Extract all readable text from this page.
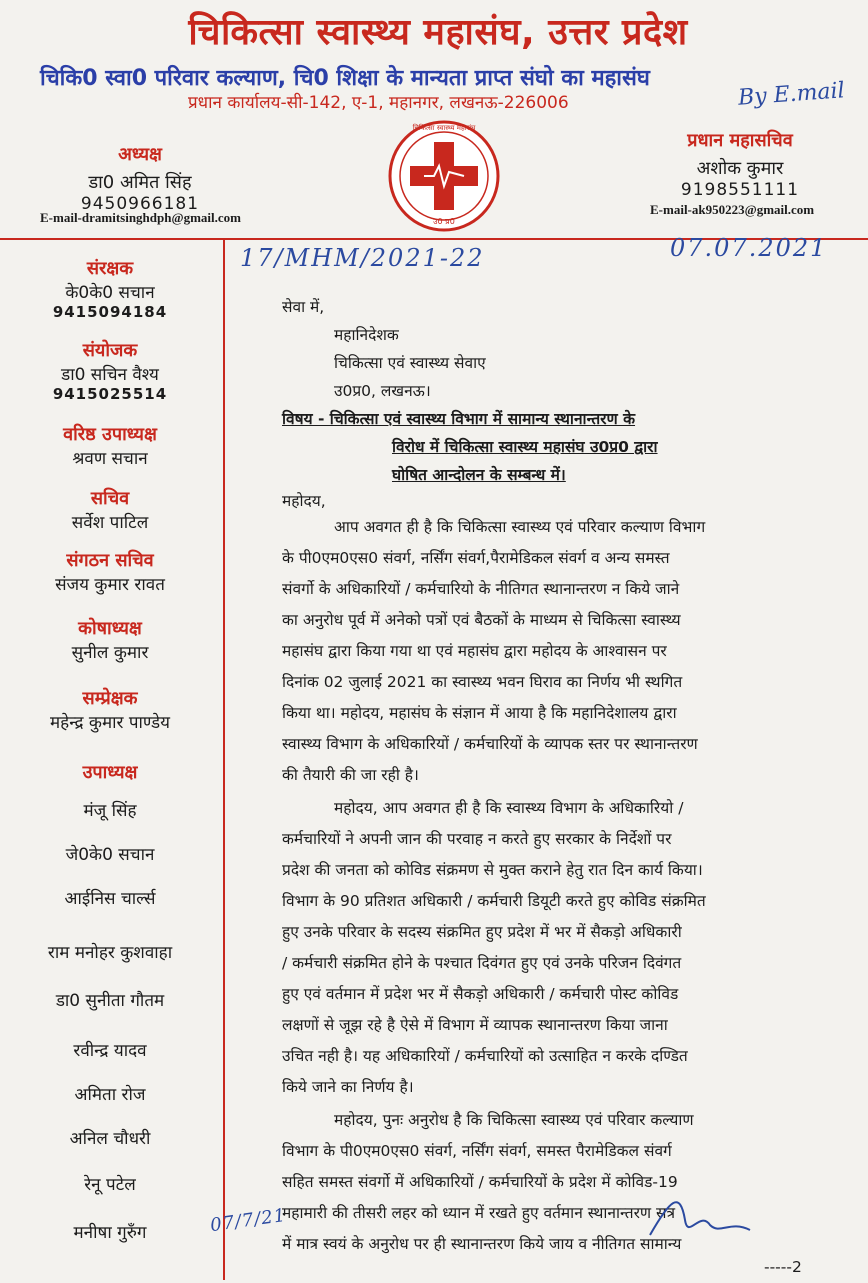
चिकित्सा स्वास्थ्य महासंघ, उत्तर प्रदेश
चिकि0 स्वा0 परिवार कल्याण, चि0 शिक्षा के मान्यता प्राप्त संघो का महासंघ
प्रधान कार्यालय-सी-142, ए-1, महानगर, लखनऊ-226006	By E.mail
अध्यक्ष
डा0 अमित सिंह
9450966181
E-mail-dramitsinghdph@gmail.com
प्रधान महासचिव
अशोक कुमार
9198551111
E-mail-ak950223@gmail.com
चिकित्सा स्वास्थ्य महासंघ
उ0 प्र0
संरक्षक
के0के0 सचान
9415094184
संयोजक
डा0 सचिन वैश्य
9415025514
वरिष्ठ उपाध्यक्ष
श्रवण सचान
सचिव
सर्वेश पाटिल
संगठन सचिव
संजय कुमार रावत
कोषाध्यक्ष
सुनील कुमार
सम्प्रेक्षक
महेन्द्र कुमार पाण्डेय
उपाध्यक्ष
मंजू सिंह
जे0के0 सचान
आईनिस चार्ल्स
राम मनोहर कुशवाहा
डा0 सुनीता गौतम
रवीन्द्र यादव
अमिता रोज
अनिल चौधरी
रेनू पटेल
मनीषा गुरुँग
17/MHM/2021-22	07.07.2021
सेवा में,
महानिदेशक
चिकित्सा एवं स्वास्थ्य सेवाए
उ0प्र0, लखनऊ।
विषय - चिकित्सा एवं स्वास्थ्य विभाग में सामान्य स्थानान्तरण के
विरोध में चिकित्सा स्वास्थ्य महासंघ उ0प्र0 द्वारा
घोषित आन्दोलन के सम्बन्ध में।
महोदय,
आप अवगत ही है कि चिकित्सा स्वास्थ्य एवं परिवार कल्याण विभाग
के पी0एम0एस0 संवर्ग, नर्सिंग संवर्ग,पैरामेडिकल संवर्ग व अन्य समस्त
संवर्गो के अधिकारियों / कर्मचारियो के नीतिगत स्थानान्तरण न किये जाने
का अनुरोध पूर्व में अनेको पत्रों एवं बैठकों के माध्यम से चिकित्सा स्वास्थ्य
महासंघ द्वारा किया गया था एवं महासंघ द्वारा महोदय के आश्वासन पर
दिनांक 02 जुलाई 2021 का स्वास्थ्य भवन घिराव का निर्णय भी स्थगित
किया था। महोदय, महासंघ के संज्ञान में आया है कि महानिदेशालय द्वारा
स्वास्थ्य विभाग के अधिकारियों / कर्मचारियों के व्यापक स्तर पर स्थानान्तरण
की तैयारी की जा रही है।
महोदय, आप अवगत ही है कि स्वास्थ्य विभाग के अधिकारियो /
कर्मचारियों ने अपनी जान की परवाह न करते हुए सरकार के निर्देशों पर
प्रदेश की जनता को कोविड संक्रमण से मुक्त कराने हेतु रात दिन कार्य किया।
विभाग के 90 प्रतिशत अधिकारी / कर्मचारी डियूटी करते हुए कोविड संक्रमित
हुए उनके परिवार के सदस्य संक्रमित हुए प्रदेश में भर में सैकड़ो अधिकारी
/ कर्मचारी संक्रमित होने के पश्चात दिवंगत हुए एवं उनके परिजन दिवंगत
हुए एवं वर्तमान में प्रदेश भर में सैकड़ो अधिकारी / कर्मचारी पोस्ट कोविड
लक्षणों से जूझ रहे है ऐसे में विभाग में व्यापक स्थानान्तरण किया जाना
उचित नही है। यह अधिकारियों / कर्मचारियों को उत्साहित न करके दण्डित
किये जाने का निर्णय है।
महोदय, पुनः अनुरोध है कि चिकित्सा स्वास्थ्य एवं परिवार कल्याण
विभाग के पी0एम0एस0 संवर्ग, नर्सिंग संवर्ग, समस्त पैरामेडिकल संवर्ग
सहित समस्त संवर्गो में अधिकारियों / कर्मचारियों के प्रदेश में कोविड-19
महामारी की तीसरी लहर को ध्यान में रखते हुए वर्तमान स्थानान्तरण सत्र
में मात्र स्वयं के अनुरोध पर ही स्थानान्तरण किये जाय व नीतिगत सामान्य
-----2
07/7/21
